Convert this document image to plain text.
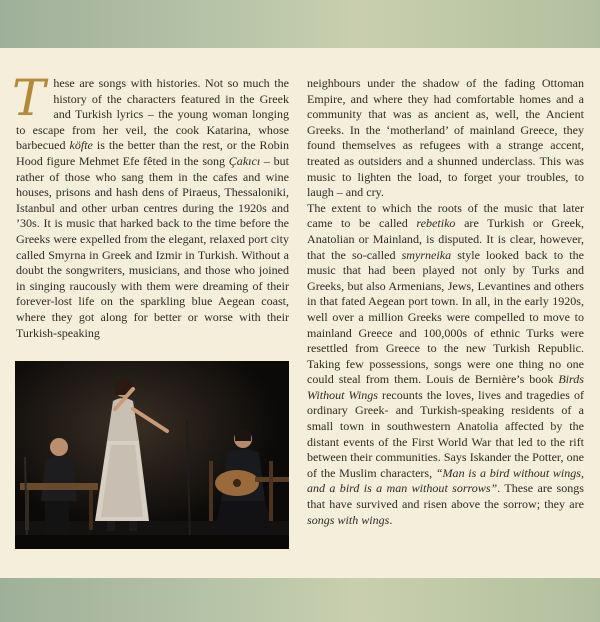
These are songs with histories. Not so much the history of the characters featured in the Greek and Turkish lyrics – the young woman longing to escape from her veil, the cook Katarina, whose barbecued köfte is the better than the rest, or the Robin Hood figure Mehmet Efe fêted in the song Çakıcı – but rather of those who sang them in the cafes and wine houses, prisons and hash dens of Piraeus, Thessaloniki, Istanbul and other urban centres during the 1920s and ’30s. It is music that harked back to the time before the Greeks were expelled from the elegant, relaxed port city called Smyrna in Greek and Izmir in Turkish. Without a doubt the songwriters, musicians, and those who joined in singing raucously with them were dreaming of their forever-lost life on the sparkling blue Aegean coast, where they got along for better or worse with their Turkish-speaking

neighbours under the shadow of the fading Ottoman Empire, and where they had comfortable homes and a community that was as ancient as, well, the Ancient Greeks. In the ‘motherland’ of mainland Greece, they found themselves as refugees with a strange accent, treated as outsiders and a shunned underclass. This was music to lighten the load, to forget your troubles, to laugh – and cry.

The extent to which the roots of the music that later came to be called rebetiko are Turkish or Greek, Anatolian or Mainland, is disputed. It is clear, however, that the so-called smyrneika style looked back to the music that had been played not only by Turks and Greeks, but also Armenians, Jews, Levantines and others in that fated Aegean port town. In all, in the early 1920s, well over a million Greeks were compelled to move to mainland Greece and 100,000s of ethnic Turks were resettled from Greece to the new Turkish Republic. Taking few possessions, songs were one thing no one could steal from them. Louis de Bernière’s book Birds Without Wings recounts the loves, lives and tragedies of ordinary Greek- and Turkish-speaking residents of a small town in southwestern Anatolia affected by the distant events of the First World War that led to the rift between their communities. Says Iskander the Potter, one of the Muslim characters, “Man is a bird without wings, and a bird is a man without sorrows”. These are songs that have survived and risen above the sorrow; they are songs with wings.
